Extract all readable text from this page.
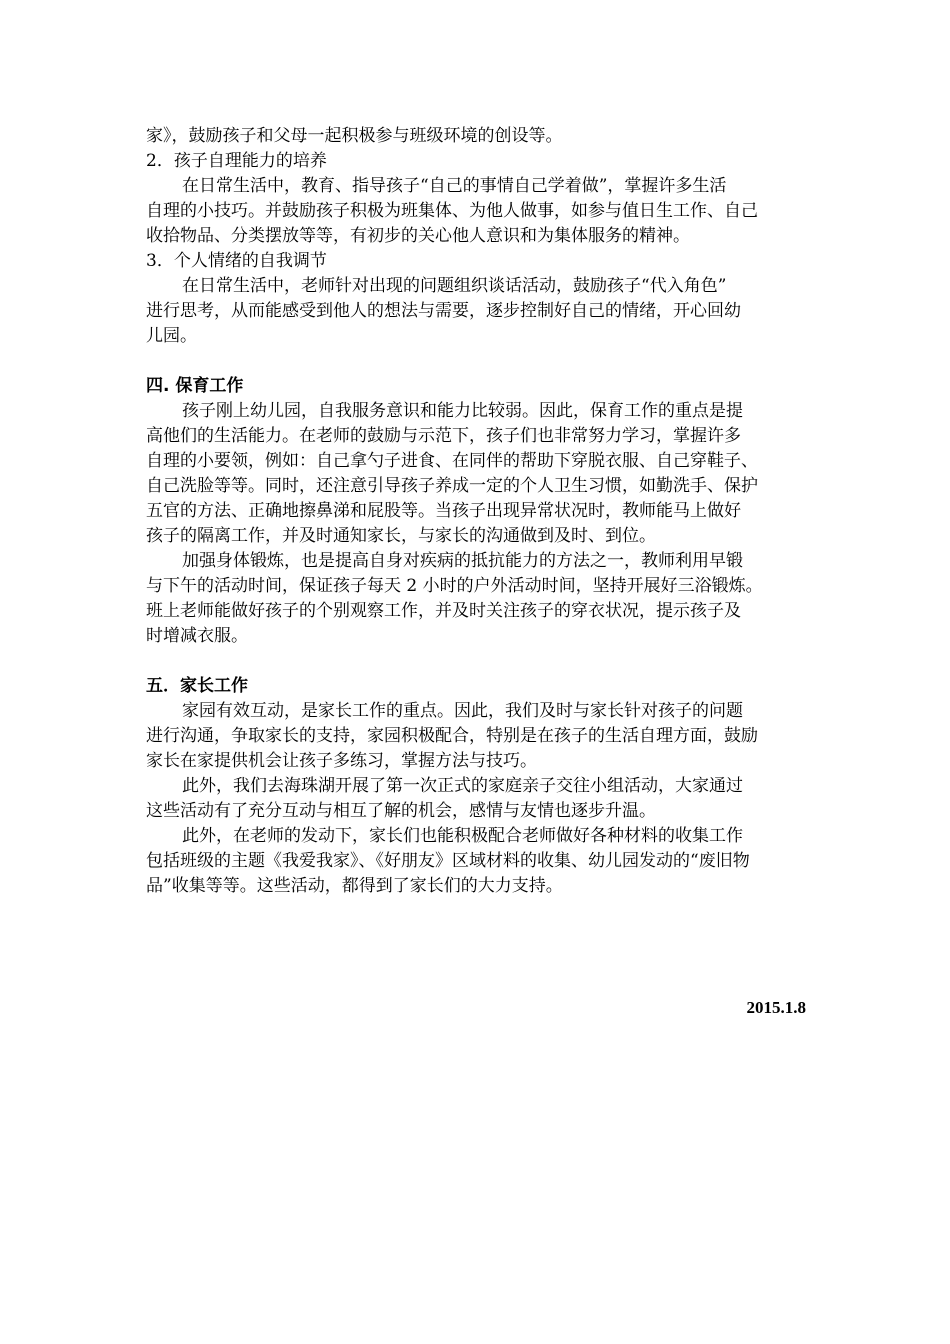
家》，鼓励孩子和父母一起积极参与班级环境的创设等。
2．孩子自理能力的培养
在日常生活中，教育、指导孩子“自己的事情自己学着做”，掌握许多生活
自理的小技巧。并鼓励孩子积极为班集体、为他人做事，如参与值日生工作、自己
收拾物品、分类摆放等等，有初步的关心他人意识和为集体服务的精神。
3．个人情绪的自我调节
在日常生活中，老师针对出现的问题组织谈话活动，鼓励孩子“代入角色”
进行思考，从而能感受到他人的想法与需要，逐步控制好自己的情绪，开心回幼
儿园。
四. 保育工作
孩子刚上幼儿园，自我服务意识和能力比较弱。因此，保育工作的重点是提
高他们的生活能力。在老师的鼓励与示范下，孩子们也非常努力学习，掌握许多
自理的小要领，例如：自己拿勺子进食、在同伴的帮助下穿脱衣服、自己穿鞋子、
自己洗脸等等。同时，还注意引导孩子养成一定的个人卫生习惯，如勤洗手、保护
五官的方法、正确地擦鼻涕和屁股等。当孩子出现异常状况时，教师能马上做好
孩子的隔离工作，并及时通知家长，与家长的沟通做到及时、到位。
加强身体锻炼，也是提高自身对疾病的抵抗能力的方法之一，教师利用早锻
与下午的活动时间，保证孩子每天 2 小时的户外活动时间，坚持开展好三浴锻炼。
班上老师能做好孩子的个别观察工作，并及时关注孩子的穿衣状况，提示孩子及
时增减衣服。
五．家长工作
家园有效互动，是家长工作的重点。因此，我们及时与家长针对孩子的问题
进行沟通，争取家长的支持，家园积极配合，特别是在孩子的生活自理方面，鼓励
家长在家提供机会让孩子多练习，掌握方法与技巧。
此外，我们去海珠湖开展了第一次正式的家庭亲子交往小组活动，大家通过
这些活动有了充分互动与相互了解的机会，感情与友情也逐步升温。
此外，在老师的发动下，家长们也能积极配合老师做好各种材料的收集工作
包括班级的主题《我爱我家》、《好朋友》区域材料的收集、幼儿园发动的“废旧物
品”收集等等。这些活动，都得到了家长们的大力支持。
2015.1.8
